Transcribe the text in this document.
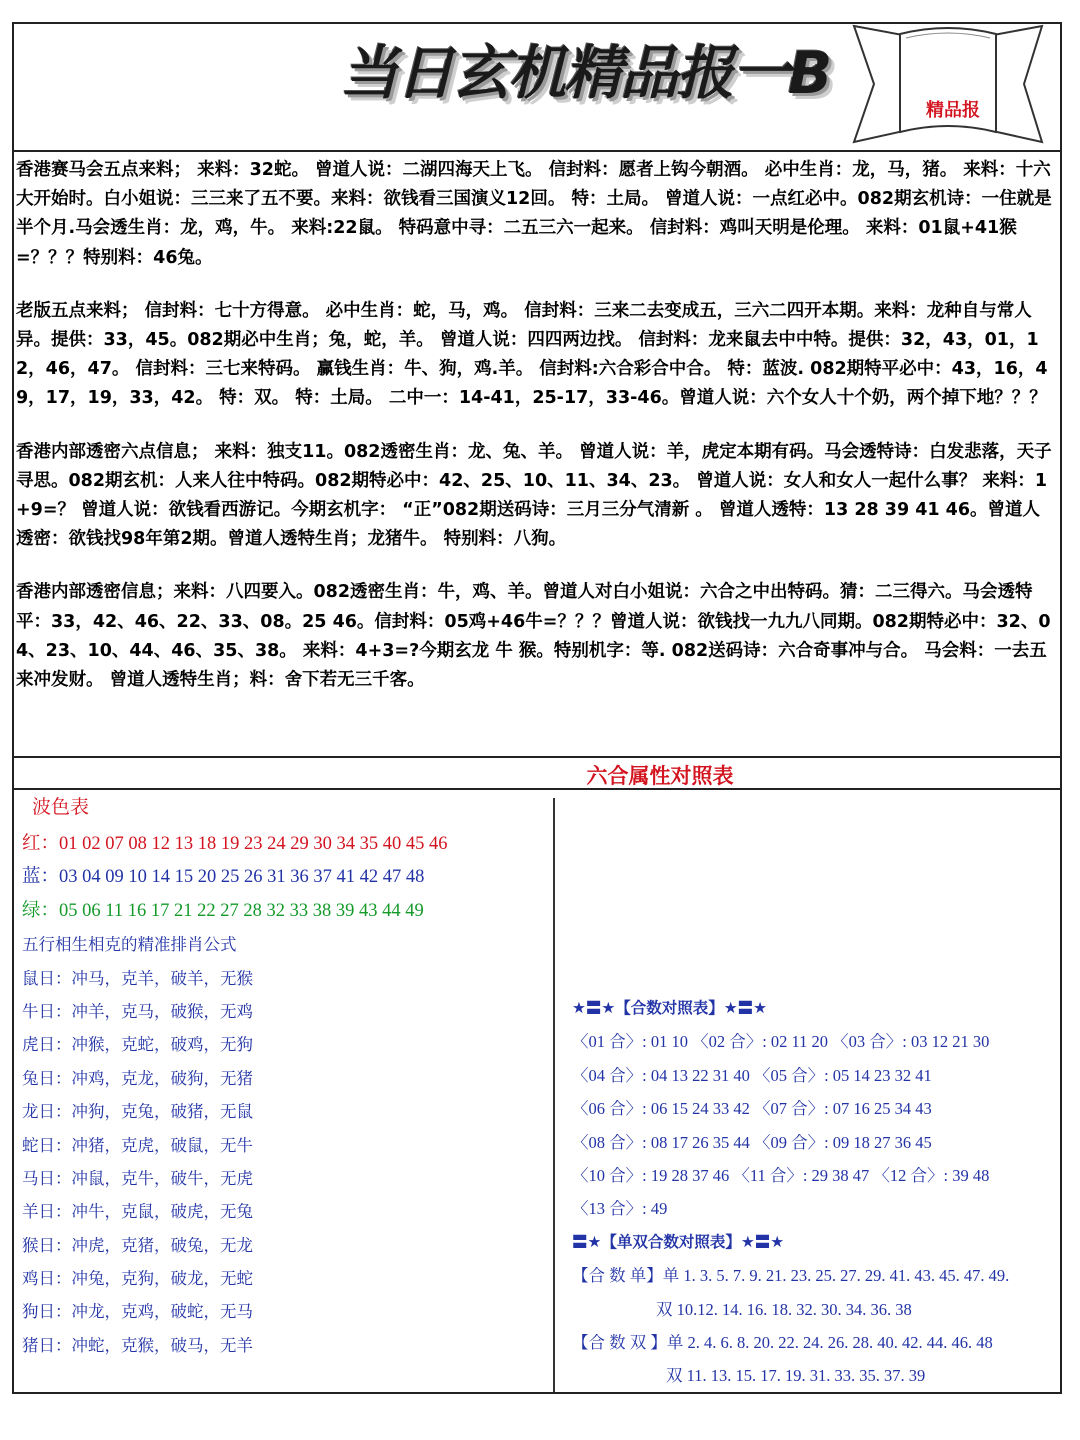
当日玄机精品报一B
精品报

香港赛马会五点来料； 来料：32蛇。 曾道人说：二湖四海天上飞。 信封料：愿者上钩今朝酒。 必中生肖：龙，马，猪。 来料：十六大开始时。白小姐说：三三来了五不要。来料：欲钱看三国演义12回。 特：土局。 曾道人说：一点红必中。082期玄机诗：一住就是半个月.马会透生肖：龙，鸡，牛。 来料:22鼠。 特码意中寻：二五三六一起来。 信封料：鸡叫天明是伦理。 来料：01鼠+41猴=？？？特别料：46兔。

老版五点来料； 信封料：七十方得意。 必中生肖：蛇，马，鸡。 信封料：三来二去变成五，三六二四开本期。来料：龙种自与常人异。提供：33，45。082期必中生肖；兔，蛇，羊。 曾道人说：四四两边找。 信封料：龙来鼠去中中特。提供：32，43，01，12，46，47。 信封料：三七来特码。 赢钱生肖：牛、狗，鸡.羊。 信封料:六合彩合中合。 特：蓝波. 082期特平必中：43，16，49，17，19，33，42。 特：双。 特：土局。 二中一：14-41，25-17，33-46。曾道人说：六个女人十个奶，两个掉下地？？？

香港内部透密六点信息； 来料：独支11。082透密生肖：龙、兔、羊。 曾道人说：羊，虎定本期有码。马会透特诗：白发悲落，天子寻思。082期玄机：人来人往中特码。082期特必中：42、25、10、11、34、23。 曾道人说：女人和女人一起什么事？ 来料：1+9=？ 曾道人说：欲钱看西游记。今期玄机字： “正”082期送码诗：三月三分气清新 。 曾道人透特：13 28 39 41 46。曾道人透密：欲钱找98年第2期。曾道人透特生肖；龙猪牛。 特别料：八狗。

香港内部透密信息；来料：八四要入。082透密生肖：牛，鸡、羊。曾道人对白小姐说：六合之中出特码。猜：二三得六。马会透特平：33，42、46、22、33、08。25 46。信封料：05鸡+46牛=？？？曾道人说：欲钱找一九九八同期。082期特必中：32、04、23、10、44、46、35、38。 来料：4+3=?今期玄龙 牛 猴。特别机字：等. 082送码诗：六合奇事冲与合。 马会料：一去五来冲发财。 曾道人透特生肖；料：舍下若无三千客。

六合属性对照表
波色表
红：01 02 07 08 12 13 18 19 23 24 29 30 34 35 40 45 46
蓝：03 04 09 10 14 15 20 25 26 31 36 37 41 42 47 48
绿：05 06 11 16 17 21 22 27 28 32 33 38 39 43 44 49
五行相生相克的精准排肖公式
鼠日：冲马，克羊，破羊，无猴
牛日：冲羊，克马，破猴，无鸡
虎日：冲猴，克蛇，破鸡，无狗
兔日：冲鸡，克龙，破狗，无猪
龙日：冲狗，克兔，破猪，无鼠
蛇日：冲猪，克虎，破鼠，无牛
马日：冲鼠，克牛，破牛，无虎
羊日：冲牛，克鼠，破虎，无兔
猴日：冲虎，克猪，破兔，无龙
鸡日：冲兔，克狗，破龙，无蛇
狗日：冲龙，克鸡，破蛇，无马
猪日：冲蛇，克猴，破马，无羊
★〓★【合数对照表】★〓★
〈01 合〉: 01 10 〈02 合〉: 02 11 20 〈03 合〉: 03 12 21 30
〈04 合〉: 04 13 22 31 40 〈05 合〉: 05 14 23 32 41
〈06 合〉: 06 15 24 33 42 〈07 合〉: 07 16 25 34 43
〈08 合〉: 08 17 26 35 44 〈09 合〉: 09 18 27 36 45
〈10 合〉: 19 28 37 46 〈11 合〉: 29 38 47 〈12 合〉: 39 48
〈13 合〉: 49
〓★【单双合数对照表】★〓★
【合 数 单】单 1. 3. 5. 7. 9. 21. 23. 25. 27. 29. 41. 43. 45. 47. 49.
双 10.12. 14. 16. 18. 32. 30. 34. 36. 38
【合 数 双 】单 2. 4. 6. 8. 20. 22. 24. 26. 28. 40. 42. 44. 46. 48
双 11. 13. 15. 17. 19. 31. 33. 35. 37. 39
